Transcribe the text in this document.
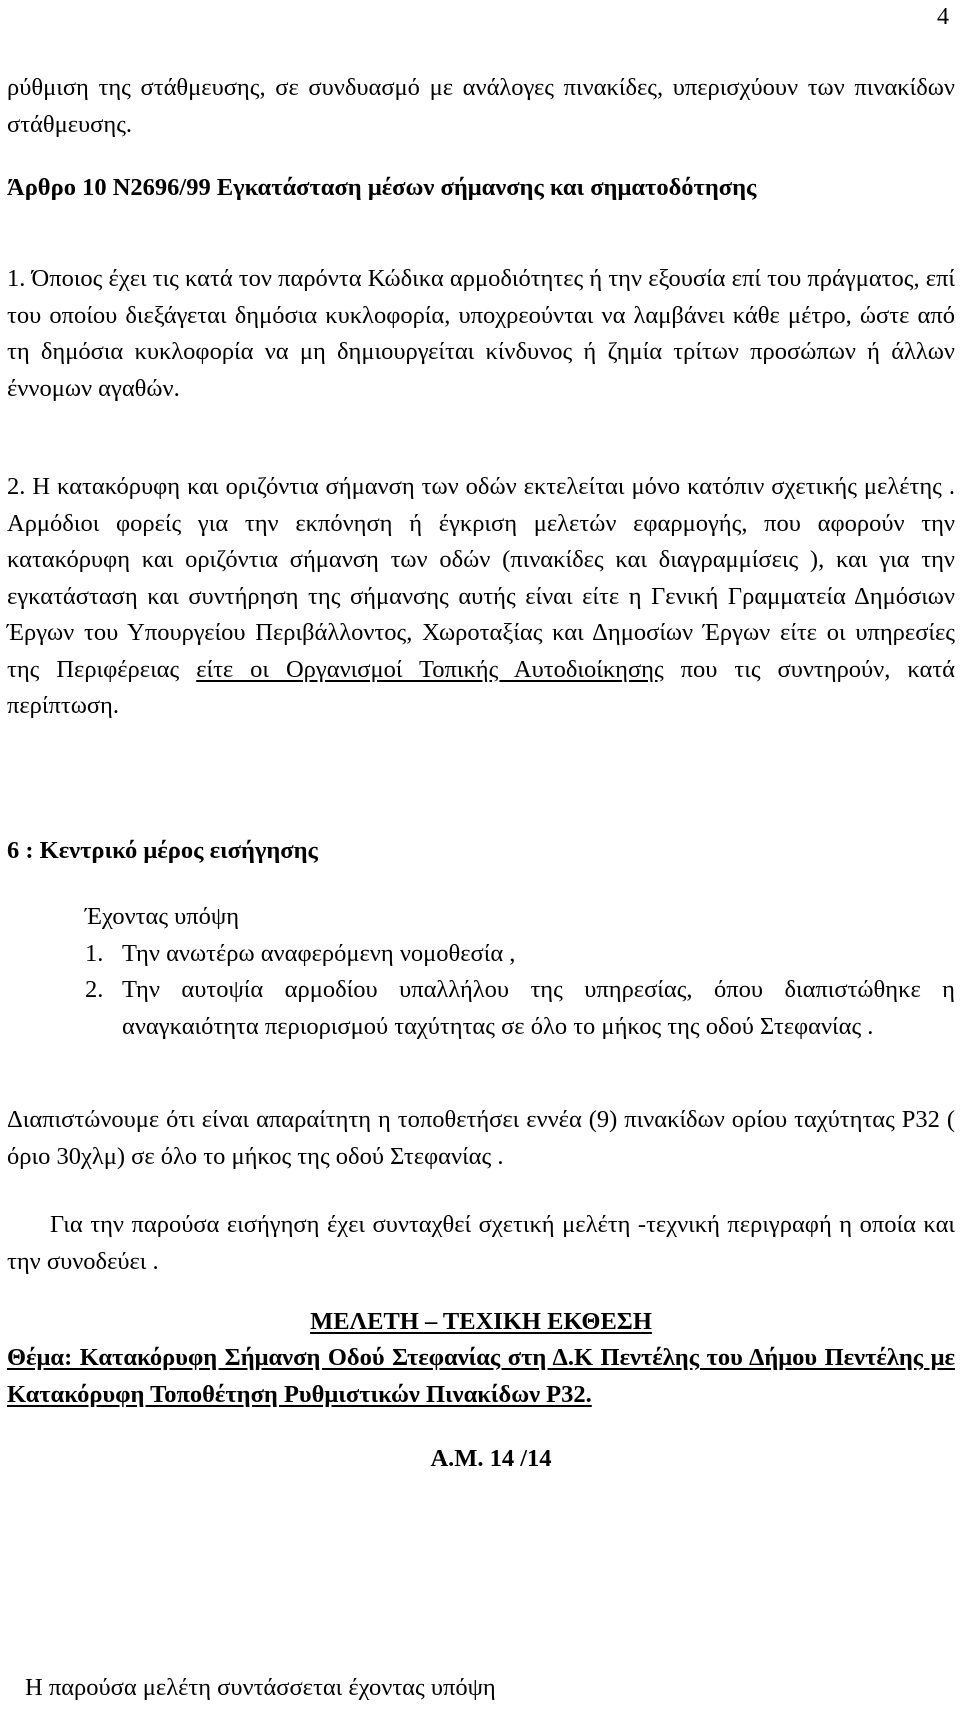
4

ρύθμιση της στάθμευσης, σε συνδυασμό με ανάλογες πινακίδες, υπερισχύουν των πινακίδων στάθμευσης.

Άρθρο 10 Ν2696/99 Εγκατάσταση μέσων σήμανσης και σηματοδότησης

1. Όποιος έχει τις κατά τον παρόντα Κώδικα αρμοδιότητες ή την εξουσία επί του πράγματος, επί του οποίου διεξάγεται δημόσια κυκλοφορία, υποχρεούνται να λαμβάνει κάθε μέτρο, ώστε από τη δημόσια κυκλοφορία να μη δημιουργείται κίνδυνος ή ζημία τρίτων προσώπων ή άλλων έννομων αγαθών.

2. Η κατακόρυφη και οριζόντια σήμανση των οδών εκτελείται μόνο κατόπιν σχετικής μελέτης . Αρμόδιοι φορείς για την εκπόνηση ή έγκριση μελετών εφαρμογής, που αφορούν την κατακόρυφη και οριζόντια σήμανση των οδών (πινακίδες και διαγραμμίσεις ), και για την εγκατάσταση και συντήρηση της σήμανσης αυτής είναι είτε η Γενική Γραμματεία Δημόσιων Έργων του Υπουργείου Περιβάλλοντος, Χωροταξίας και Δημοσίων Έργων είτε οι υπηρεσίες της Περιφέρειας είτε οι Οργανισμοί Τοπικής Αυτοδιοίκησης που τις συντηρούν, κατά περίπτωση.

6 : Κεντρικό μέρος εισήγησης

Έχοντας υπόψη

1. Την ανωτέρω αναφερόμενη νομοθεσία ,
2. Την αυτοψία αρμοδίου υπαλλήλου της υπηρεσίας, όπου διαπιστώθηκε η αναγκαιότητα περιορισμού ταχύτητας σε όλο το μήκος της οδού Στεφανίας .

Διαπιστώνουμε ότι είναι απαραίτητη η τοποθετήσει εννέα (9) πινακίδων ορίου ταχύτητας Ρ32 ( όριο 30χλμ) σε όλο το μήκος της οδού Στεφανίας .

Για την παρούσα εισήγηση έχει συνταχθεί σχετική μελέτη -τεχνική περιγραφή η οποία και την συνοδεύει .

ΜΕΛΕΤΗ – ΤΕΧΙΚΗ ΕΚΘΕΣΗ

Θέμα: Κατακόρυφη Σήμανση Οδού Στεφανίας στη Δ.Κ Πεντέλης του Δήμου Πεντέλης με Κατακόρυφη Τοποθέτηση Ρυθμιστικών Πινακίδων Ρ32.

Α.Μ. 14 /14

Η παρούσα μελέτη συντάσσεται έχοντας υπόψη
